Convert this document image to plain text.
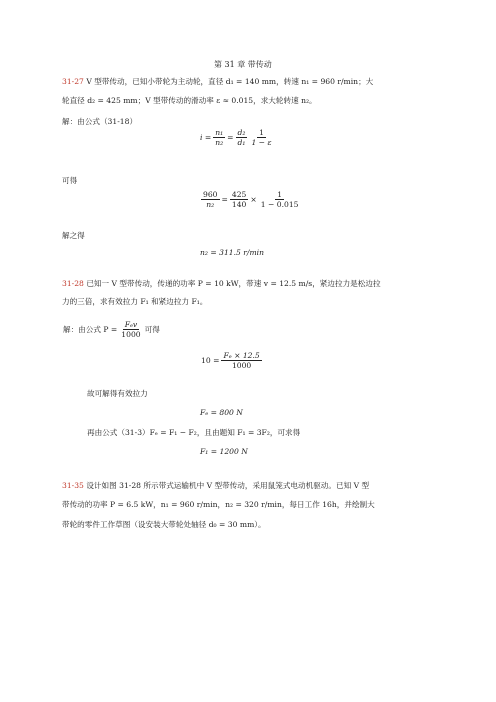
第 31 章 带传动
31-27 V 型带传动，已知小带轮为主动轮，直径 d₁ = 140 mm，转速 n₁ = 960 r/min；大
轮直径 d₂ = 425 mm；V 型带传动的滑动率 ε ≈ 0.015，求大轮转速 n₂。
解：由公式（31-18）
$i = \frac{\text{n₁}}{\text{n₂}} = \frac{\text{d₂}}{\text{d₁}} \frac{1}{1 - \varepsilon}$
可得
$\frac{960}{\text{n₂}} = \frac{425}{140} \times \frac{1}{1 - 0.015}$
解之得
n₂ = 311.5 r/min
31-28 已知一 V 型带传动，传递的功率 P = 10 kW，带速 v = 12.5 m/s，紧边拉力是松边拉
力的三倍，求有效拉力 F₁ 和紧边拉力 F₁。
解：由公式 $P = \frac{\text{Fₑv}}{1000}$ 可得
$10 = \frac{\text{Fₑ × 12.5}}{1000}$
故可解得有效拉力
Fₑ = 800 N
再由公式（31-3）Fₑ = F₁ − F₂，且由题知 F₁ = 3F₂，可求得
F₁ = 1200 N
31-35 设计如图 31-28 所示带式运输机中 V 型带传动，采用鼠笼式电动机驱动。已知 V 型
带传动的功率 P = 6.5 kW，n₁ = 960 r/min，n₂ = 320 r/min，每日工作 16h，并绘制大
带轮的零件工作草图（设安装大带轮处轴径 d₀ = 30 mm）。
